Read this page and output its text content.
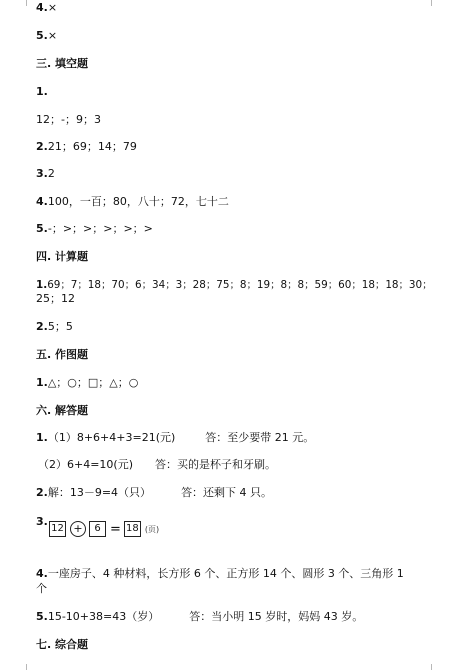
4.×
5.×
三. 填空题
1.
12；-；9；3
2.21；69；14；79
3.2
4.100，一百；80，八十；72，七十二
5.-；>；>；>；>；>
四. 计算题
1.69；7；18；70；6；34；3；28；75；8；19；8；8；59；60；18；18；30；
25；12
2.5；5
五. 作图题
1.△；○；□；△；○
六. 解答题
1.（1）8+6+4+3=21(元)	答：至少要带 21 元。
（2）6+4=10(元) 答：买的是杯子和牙刷。
2.解：13－9=4（只）	答：还剩下 4 只。
3.
12 + 6 = 18 (页)
4.一座房子、4 种材料，长方形 6 个、正方形 14 个、圆形 3 个、三角形 1
个
5.15-10+38=43（岁）	答：当小明 15 岁时，妈妈 43 岁。
七. 综合题
